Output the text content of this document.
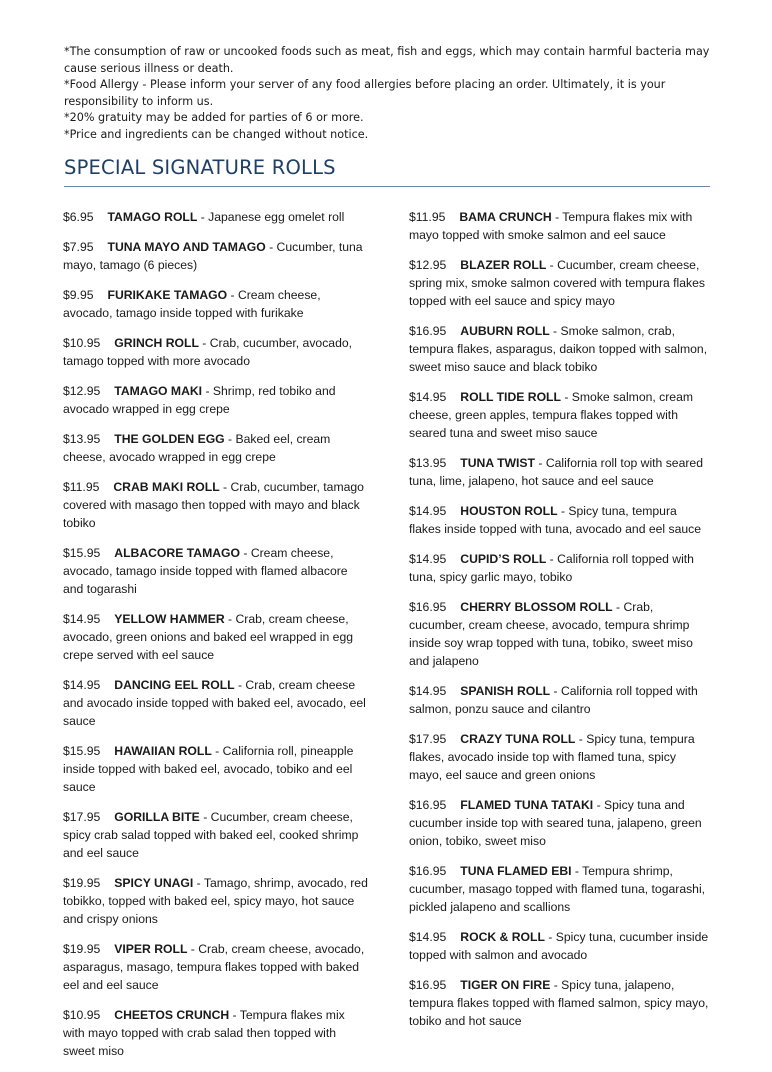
*The consumption of raw or uncooked foods such as meat, fish and eggs, which may contain harmful bacteria may cause serious illness or death.

*Food Allergy - Please inform your server of any food allergies before placing an order. Ultimately, it is your responsibility to inform us.

*20% gratuity may be added for parties of 6 or more.

*Price and ingredients can be changed without notice.

SPECIAL SIGNATURE ROLLS

$6.95 TAMAGO ROLL - Japanese egg omelet roll

$7.95 TUNA MAYO AND TAMAGO - Cucumber, tuna mayo, tamago (6 pieces)

$9.95 FURIKAKE TAMAGO - Cream cheese, avocado, tamago inside topped with furikake

$10.95 GRINCH ROLL - Crab, cucumber, avocado, tamago topped with more avocado

$12.95 TAMAGO MAKI - Shrimp, red tobiko and avocado wrapped in egg crepe

$13.95 THE GOLDEN EGG - Baked eel, cream cheese, avocado wrapped in egg crepe

$11.95 CRAB MAKI ROLL - Crab, cucumber, tamago covered with masago then topped with mayo and black tobiko

$15.95 ALBACORE TAMAGO - Cream cheese, avocado, tamago inside topped with flamed albacore and togarashi

$14.95 YELLOW HAMMER - Crab, cream cheese, avocado, green onions and baked eel wrapped in egg crepe served with eel sauce

$14.95 DANCING EEL ROLL - Crab, cream cheese and avocado inside topped with baked eel, avocado, eel sauce

$15.95 HAWAIIAN ROLL - California roll, pineapple inside topped with baked eel, avocado, tobiko and eel sauce

$17.95 GORILLA BITE - Cucumber, cream cheese, spicy crab salad topped with baked eel, cooked shrimp and eel sauce

$19.95 SPICY UNAGI - Tamago, shrimp, avocado, red tobikko, topped with baked eel, spicy mayo, hot sauce and crispy onions

$19.95 VIPER ROLL - Crab, cream cheese, avocado, asparagus, masago, tempura flakes topped with baked eel and eel sauce

$10.95 CHEETOS CRUNCH - Tempura flakes mix with mayo topped with crab salad then topped with sweet miso

$11.95 BAMA CRUNCH - Tempura flakes mix with mayo topped with smoke salmon and eel sauce

$12.95 BLAZER ROLL - Cucumber, cream cheese, spring mix, smoke salmon covered with tempura flakes topped with eel sauce and spicy mayo

$16.95 AUBURN ROLL - Smoke salmon, crab, tempura flakes, asparagus, daikon topped with salmon, sweet miso sauce and black tobiko

$14.95 ROLL TIDE ROLL - Smoke salmon, cream cheese, green apples, tempura flakes topped with seared tuna and sweet miso sauce

$13.95 TUNA TWIST - California roll top with seared tuna, lime, jalapeno, hot sauce and eel sauce

$14.95 HOUSTON ROLL - Spicy tuna, tempura flakes inside topped with tuna, avocado and eel sauce

$14.95 CUPID’S ROLL - California roll topped with tuna, spicy garlic mayo, tobiko

$16.95 CHERRY BLOSSOM ROLL - Crab, cucumber, cream cheese, avocado, tempura shrimp inside soy wrap topped with tuna, tobiko, sweet miso and jalapeno

$14.95 SPANISH ROLL - California roll topped with salmon, ponzu sauce and cilantro

$17.95 CRAZY TUNA ROLL - Spicy tuna, tempura flakes, avocado inside top with flamed tuna, spicy mayo, eel sauce and green onions

$16.95 FLAMED TUNA TATAKI - Spicy tuna and cucumber inside top with seared tuna, jalapeno, green onion, tobiko, sweet miso

$16.95 TUNA FLAMED EBI - Tempura shrimp, cucumber, masago topped with flamed tuna, togarashi, pickled jalapeno and scallions

$14.95 ROCK & ROLL - Spicy tuna, cucumber inside topped with salmon and avocado

$16.95 TIGER ON FIRE - Spicy tuna, jalapeno, tempura flakes topped with flamed salmon, spicy mayo, tobiko and hot sauce
